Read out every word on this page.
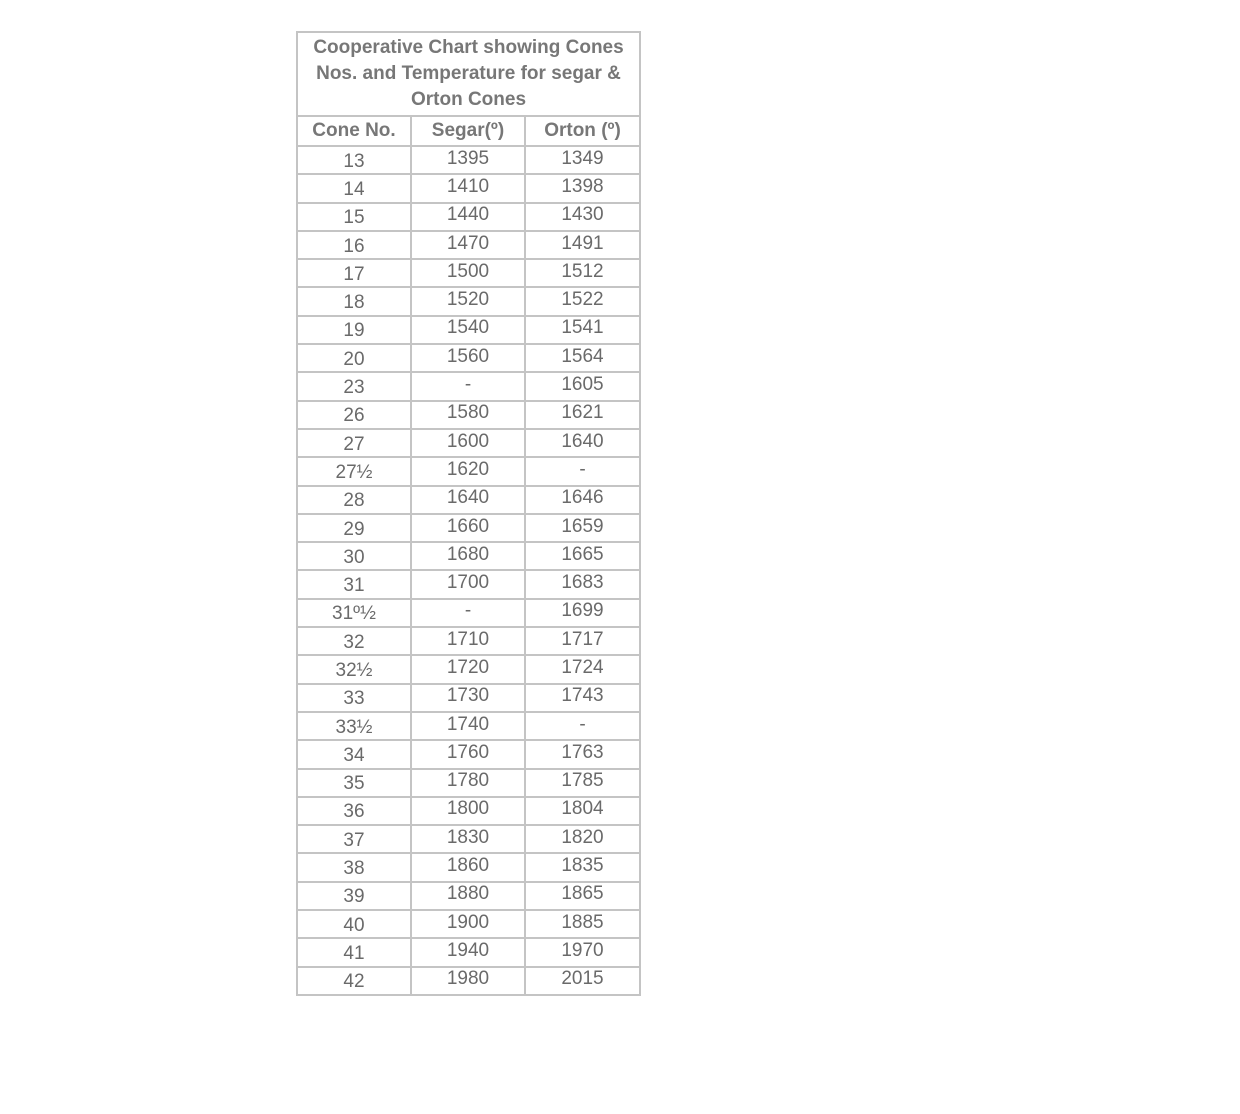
Cooperative Chart showing Cones Nos. and Temperature for segar & Orton Cones		
Cone No.	Segar(º)	Orton (º)
13	1395	1349
14	1410	1398
15	1440	1430
16	1470	1491
17	1500	1512
18	1520	1522
19	1540	1541
20	1560	1564
23	-	1605
26	1580	1621
27	1600	1640
27½	1620	-
28	1640	1646
29	1660	1659
30	1680	1665
31	1700	1683
31º½	-	1699
32	1710	1717
32½	1720	1724
33	1730	1743
33½	1740	-
34	1760	1763
35	1780	1785
36	1800	1804
37	1830	1820
38	1860	1835
39	1880	1865
40	1900	1885
41	1940	1970
42	1980	2015
